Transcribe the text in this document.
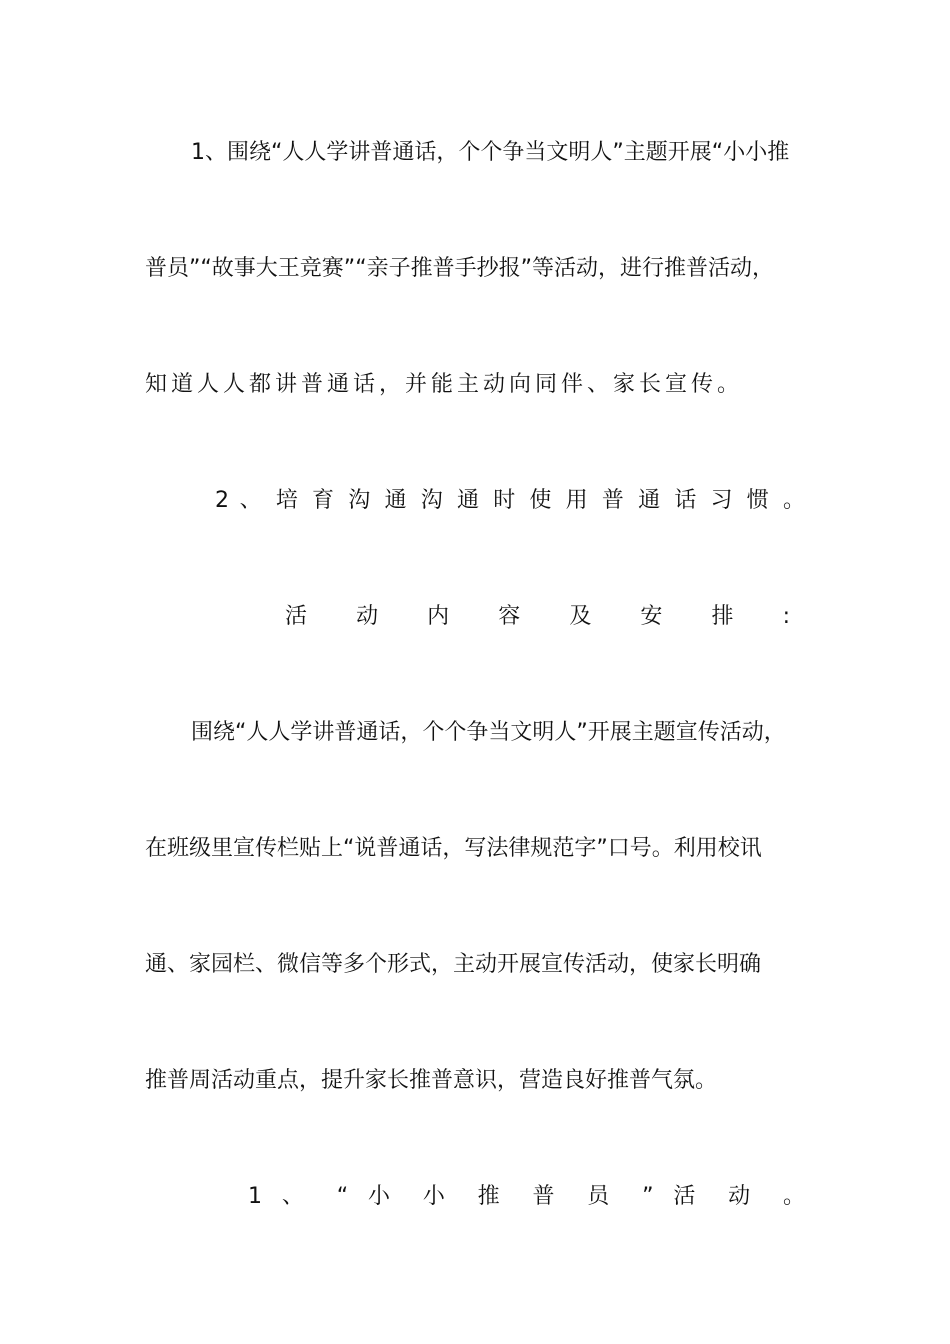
1、围绕“人人学讲普通话，个个争当文明人”主题开展“小小推
普员”“故事大王竞赛”“亲子推普手抄报”等活动，进行推普活动，
知道人人都讲普通话，并能主动向同伴、家长宣传。
2 、 培 育 沟 通 沟 通 时 使 用 普 通 话 习 惯 。
活 动 内 容 及 安 排 :
围绕“人人学讲普通话，个个争当文明人”开展主题宣传活动，
在班级里宣传栏贴上“说普通话，写法律规范字”口号。利用校讯
通、家园栏、微信等多个形式，主动开展宣传活动，使家长明确
推普周活动重点，提升家长推普意识，营造良好推普气氛。
1 、 “ 小 小 推 普 员 ” 活 动 。
